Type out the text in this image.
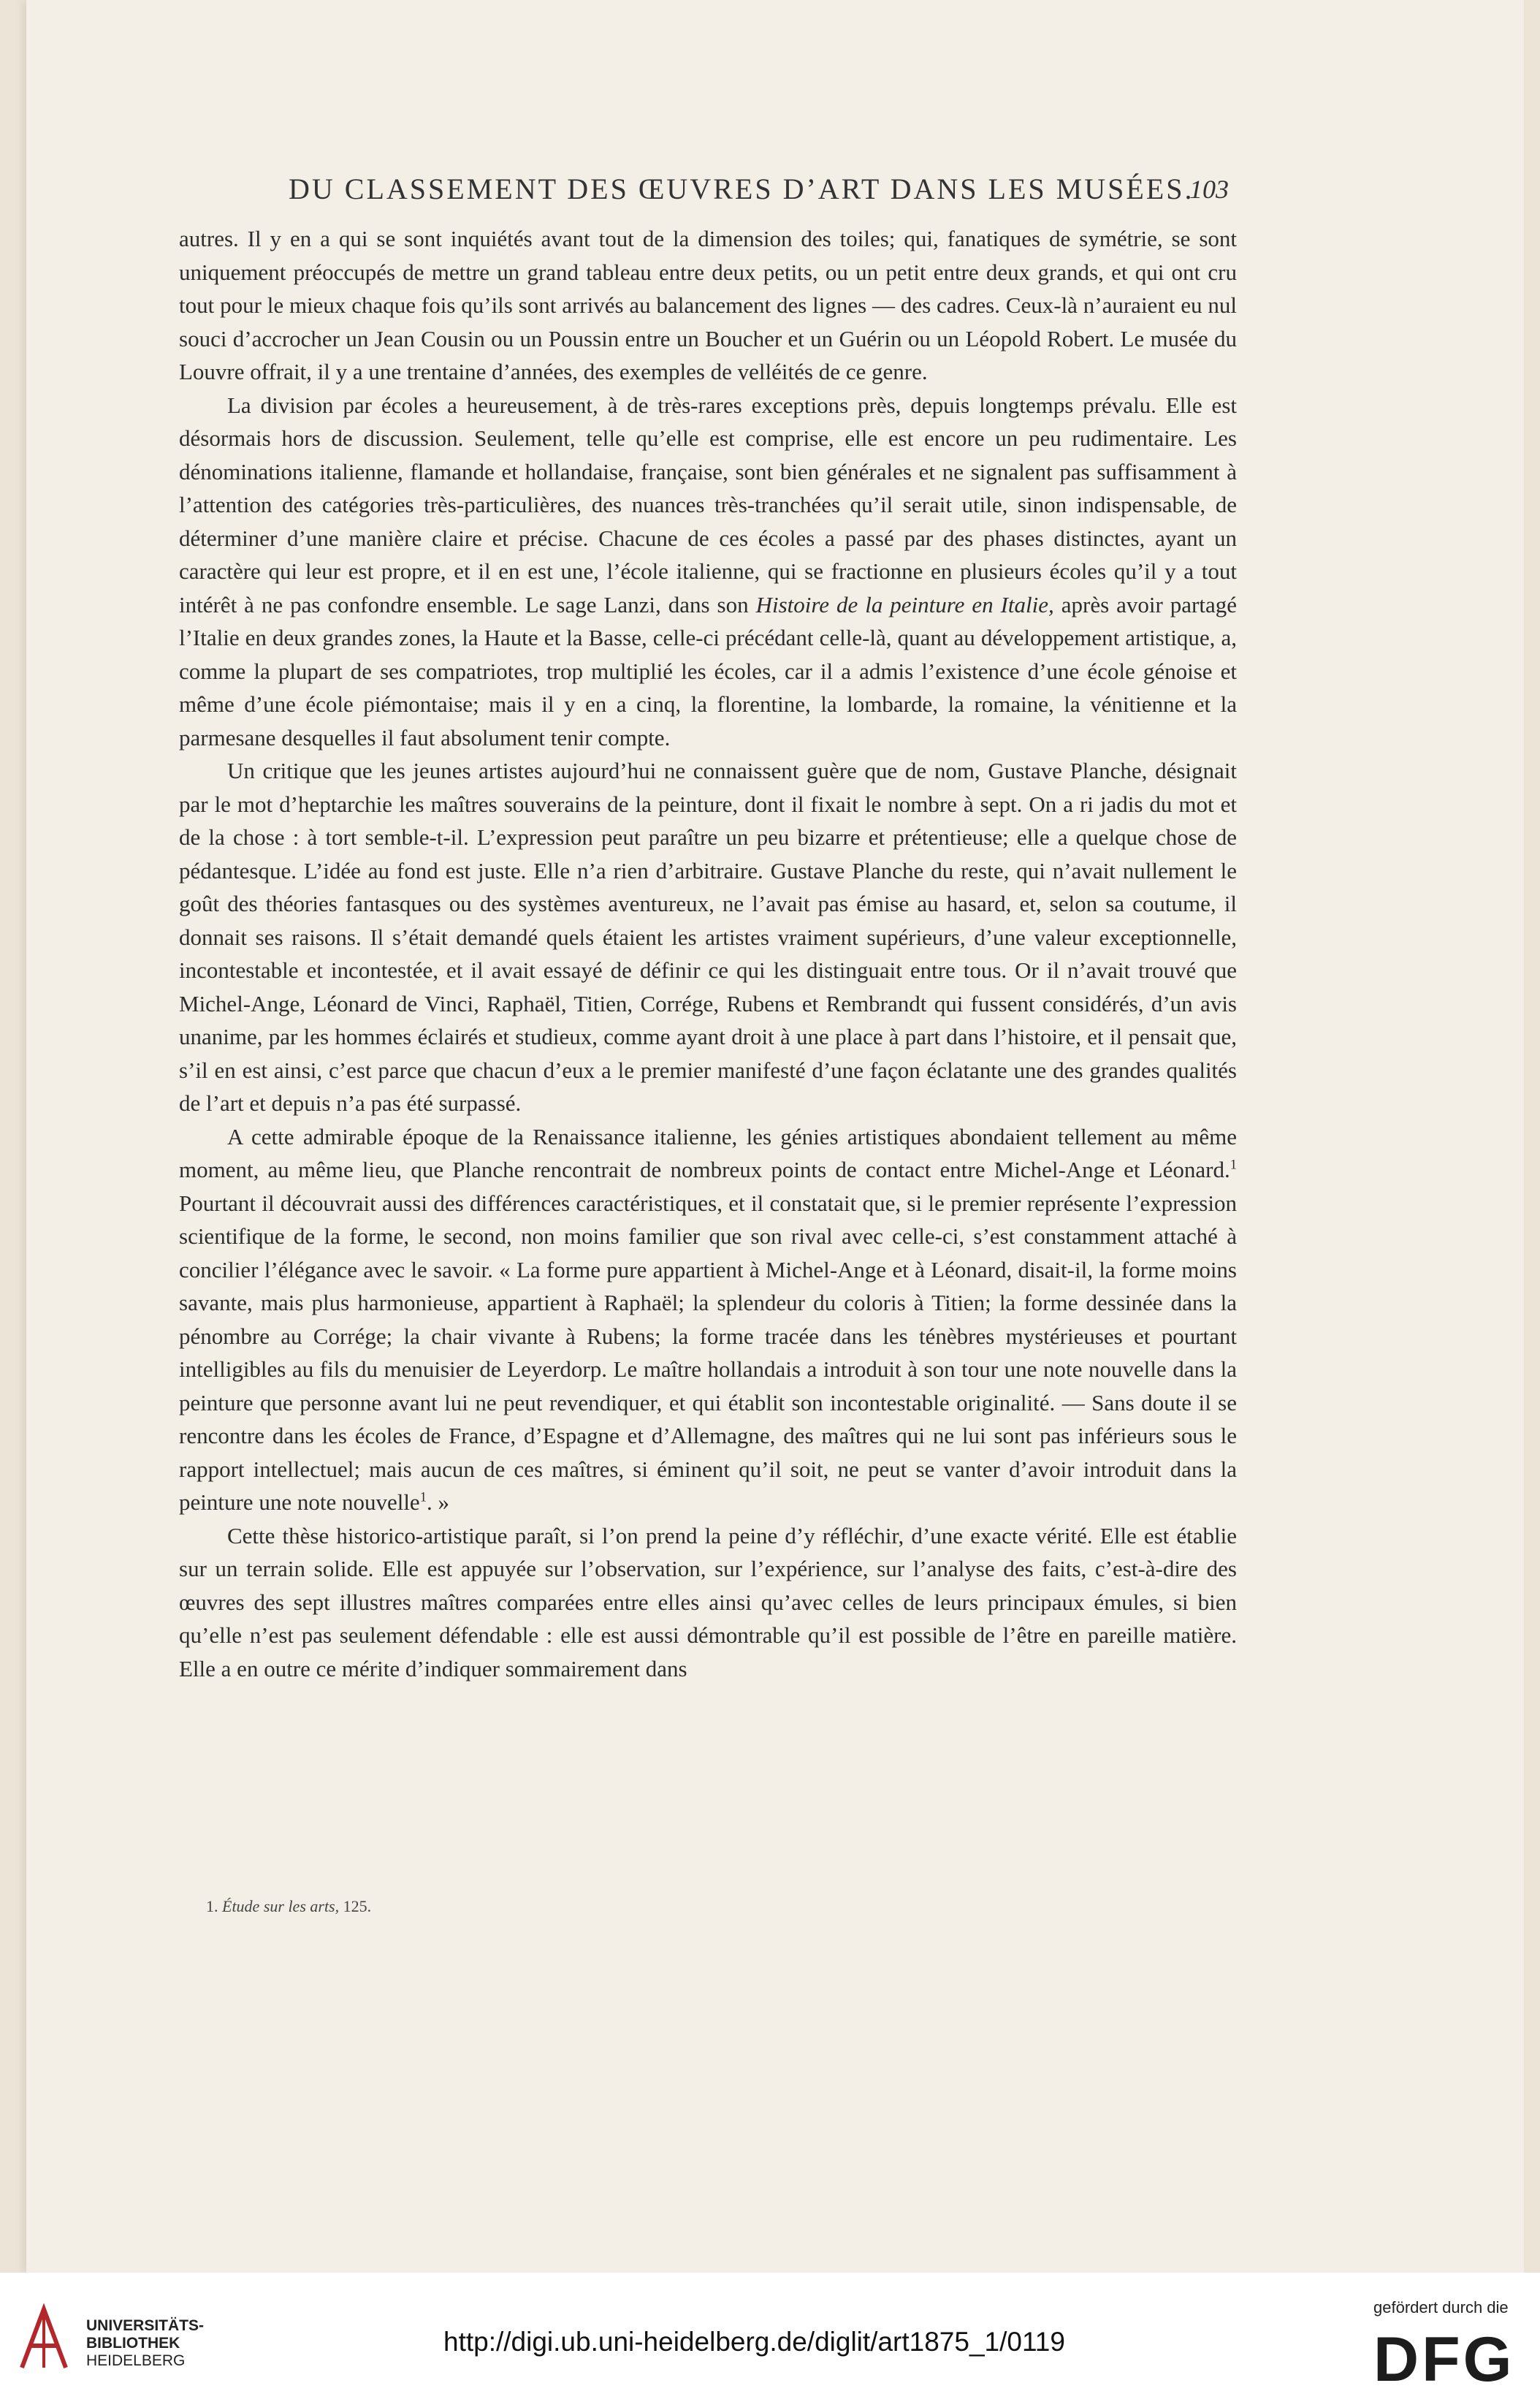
DU CLASSEMENT DES ŒUVRES D’ART DANS LES MUSÉES.
103

autres. Il y en a qui se sont inquiétés avant tout de la dimension des toiles; qui, fanatiques de symétrie, se sont uniquement préoccupés de mettre un grand tableau entre deux petits, ou un petit entre deux grands, et qui ont cru tout pour le mieux chaque fois qu’ils sont arrivés au balancement des lignes — des cadres. Ceux-là n’auraient eu nul souci d’accrocher un Jean Cousin ou un Poussin entre un Boucher et un Guérin ou un Léopold Robert. Le musée du Louvre offrait, il y a une trentaine d’années, des exemples de velléités de ce genre.

La division par écoles a heureusement, à de très-rares exceptions près, depuis longtemps prévalu. Elle est désormais hors de discussion. Seulement, telle qu’elle est comprise, elle est encore un peu rudimentaire. Les dénominations italienne, flamande et hollandaise, française, sont bien générales et ne signalent pas suffisamment à l’attention des catégories très-particulières, des nuances très-tranchées qu’il serait utile, sinon indispensable, de déterminer d’une manière claire et précise. Chacune de ces écoles a passé par des phases distinctes, ayant un caractère qui leur est propre, et il en est une, l’école italienne, qui se fractionne en plusieurs écoles qu’il y a tout intérêt à ne pas confondre ensemble. Le sage Lanzi, dans son Histoire de la peinture en Italie, après avoir partagé l’Italie en deux grandes zones, la Haute et la Basse, celle-ci précédant celle-là, quant au développement artistique, a, comme la plupart de ses compatriotes, trop multiplié les écoles, car il a admis l’existence d’une école génoise et même d’une école piémontaise; mais il y en a cinq, la florentine, la lombarde, la romaine, la vénitienne et la parmesane desquelles il faut absolument tenir compte.

Un critique que les jeunes artistes aujourd’hui ne connaissent guère que de nom, Gustave Planche, désignait par le mot d’heptarchie les maîtres souverains de la peinture, dont il fixait le nombre à sept. On a ri jadis du mot et de la chose : à tort semble-t-il. L’expression peut paraître un peu bizarre et prétentieuse; elle a quelque chose de pédantesque. L’idée au fond est juste. Elle n’a rien d’arbitraire. Gustave Planche du reste, qui n’avait nullement le goût des théories fantasques ou des systèmes aventureux, ne l’avait pas émise au hasard, et, selon sa coutume, il donnait ses raisons. Il s’était demandé quels étaient les artistes vraiment supérieurs, d’une valeur exceptionnelle, incontestable et incontestée, et il avait essayé de définir ce qui les distinguait entre tous. Or il n’avait trouvé que Michel-Ange, Léonard de Vinci, Raphaël, Titien, Corrége, Rubens et Rembrandt qui fussent considérés, d’un avis unanime, par les hommes éclairés et studieux, comme ayant droit à une place à part dans l’histoire, et il pensait que, s’il en est ainsi, c’est parce que chacun d’eux a le premier manifesté d’une façon éclatante une des grandes qualités de l’art et depuis n’a pas été surpassé.

A cette admirable époque de la Renaissance italienne, les génies artistiques abondaient tellement au même moment, au même lieu, que Planche rencontrait de nombreux points de contact entre Michel-Ange et Léonard.$^1$ Pourtant il découvrait aussi des différences caractéristiques, et il constatait que, si le premier représente l’expression scientifique de la forme, le second, non moins familier que son rival avec celle-ci, s’est constamment attaché à concilier l’élégance avec le savoir. « La forme pure appartient à Michel-Ange et à Léonard, disait-il, la forme moins savante, mais plus harmonieuse, appartient à Raphaël; la splendeur du coloris à Titien; la forme dessinée dans la pénombre au Corrége; la chair vivante à Rubens; la forme tracée dans les ténèbres mystérieuses et pourtant intelligibles au fils du menuisier de Leyerdorp. Le maître hollandais a introduit à son tour une note nouvelle dans la peinture que personne avant lui ne peut revendiquer, et qui établit son incontestable originalité. — Sans doute il se rencontre dans les écoles de France, d’Espagne et d’Allemagne, des maîtres qui ne lui sont pas inférieurs sous le rapport intellectuel; mais aucun de ces maîtres, si éminent qu’il soit, ne peut se vanter d’avoir introduit dans la peinture une note nouvelle$^1$. »

Cette thèse historico-artistique paraît, si l’on prend la peine d’y réfléchir, d’une exacte vérité. Elle est établie sur un terrain solide. Elle est appuyée sur l’observation, sur l’expérience, sur l’analyse des faits, c’est-à-dire des œuvres des sept illustres maîtres comparées entre elles ainsi qu’avec celles de leurs principaux émules, si bien qu’elle n’est pas seulement défendable : elle est aussi démontrable qu’il est possible de l’être en pareille matière. Elle a en outre ce mérite d’indiquer sommairement dans

1. Étude sur les arts, 125.
UNIVERSITÄTS-
BIBLIOTHEK
HEIDELBERG
http://digi.ub.uni-heidelberg.de/diglit/art1875_1/0119
gefördert durch die
DFG
